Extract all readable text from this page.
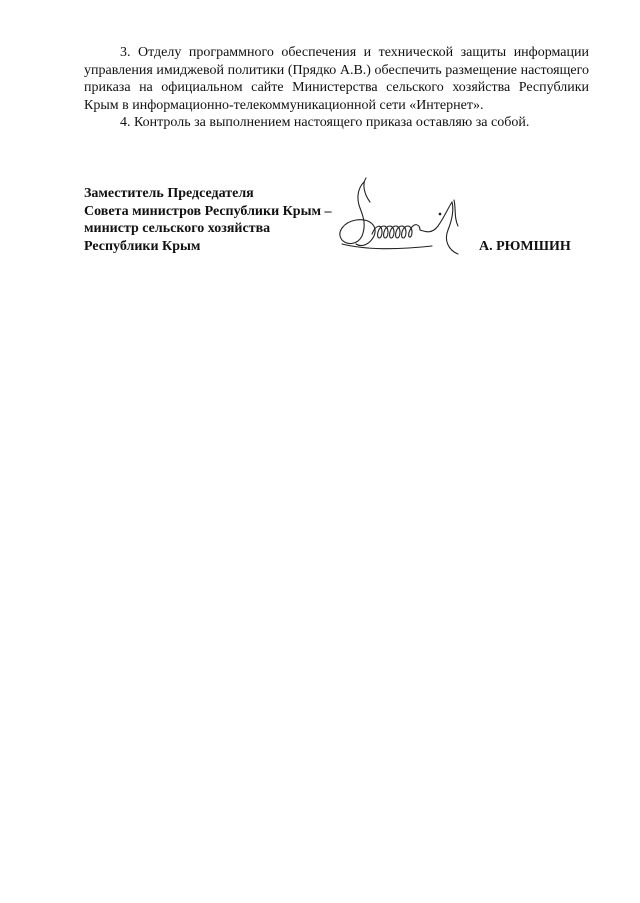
3. Отделу программного обеспечения и технической защиты информации управления имиджевой политики (Прядко А.В.) обеспечить размещение настоящего приказа на официальном сайте Министерства сельского хозяйства Республики Крым в информационно-телекоммуникационной сети «Интернет».

4. Контроль за выполнением настоящего приказа оставляю за собой.

Заместитель Председателя
Совета министров Республики Крым –
министр сельского хозяйства
Республики Крым	А. РЮМШИН
